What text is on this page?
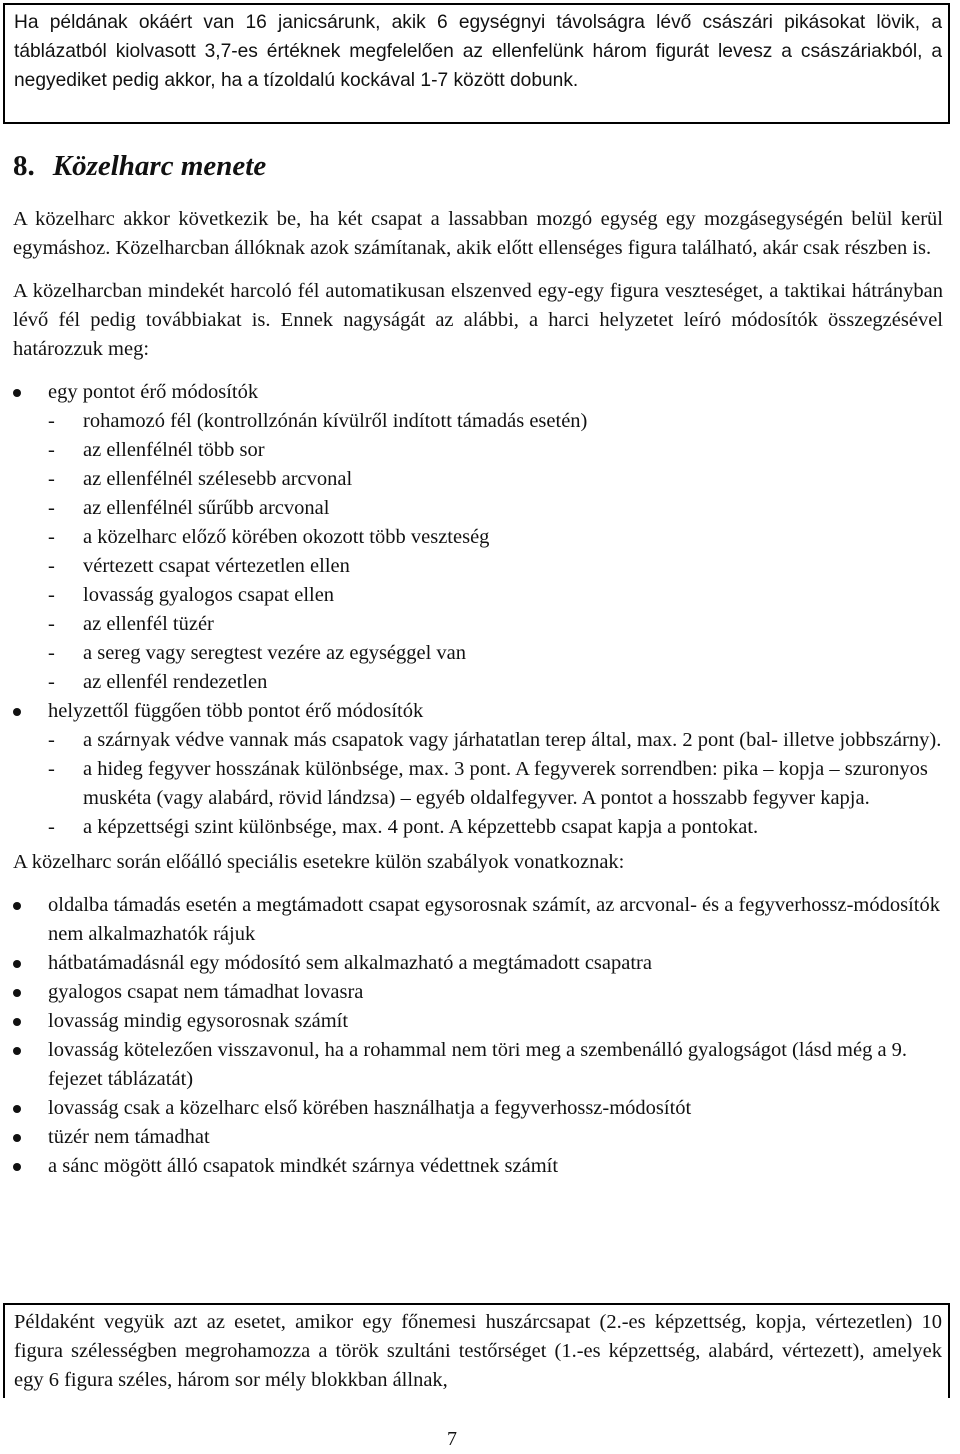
Ha példának okáért van 16 janicsárunk, akik 6 egységnyi távolságra lévő császári pikásokat lövik, a táblázatból kiolvasott 3,7-es értéknek megfelelően az ellenfelünk három figurát levesz a császáriakból, a negyediket pedig akkor, ha a tízoldalú kockával 1-7 között dobunk.

8. Közelharc menete

A közelharc akkor következik be, ha két csapat a lassabban mozgó egység egy mozgásegységén belül kerül egymáshoz. Közelharcban állóknak azok számítanak, akik előtt ellenséges figura található, akár csak részben is.

A közelharcban mindekét harcoló fél automatikusan elszenved egy-egy figura veszteséget, a taktikai hátrányban lévő fél pedig továbbiakat is. Ennek nagyságát az alábbi, a harci helyzetet leíró módosítók összegzésével határozzuk meg:

egy pontot érő módosítók
- rohamozó fél (kontrollzónán kívülről indított támadás esetén)
- az ellenfélnél több sor
- az ellenfélnél szélesebb arcvonal
- az ellenfélnél sűrűbb arcvonal
- a közelharc előző körében okozott több veszteség
- vértezett csapat vértezetlen ellen
- lovasság gyalogos csapat ellen
- az ellenfél tüzér
- a sereg vagy seregtest vezére az egységgel van
- az ellenfél rendezetlen
helyzettől függően több pontot érő módosítók
- a szárnyak védve vannak más csapatok vagy járhatatlan terep által, max. 2 pont (bal- illetve jobbszárny).
- a hideg fegyver hosszának különbsége, max. 3 pont. A fegyverek sorrendben: pika – kopja – szuronyos muskéta (vagy alabárd, rövid lándzsa) – egyéb oldalfegyver. A pontot a hosszabb fegyver kapja.
- a képzettségi szint különbsége, max. 4 pont. A képzettebb csapat kapja a pontokat.

A közelharc során előálló speciális esetekre külön szabályok vonatkoznak:

oldalba támadás esetén a megtámadott csapat egysorosnak számít, az arcvonal- és a fegyverhossz-módosítók nem alkalmazhatók rájuk
hátbatámadásnál egy módosító sem alkalmazható a megtámadott csapatra
gyalogos csapat nem támadhat lovasra
lovasság mindig egysorosnak számít
lovasság kötelezően visszavonul, ha a rohammal nem töri meg a szembenálló gyalogságot (lásd még a 9. fejezet táblázatát)
lovasság csak a közelharc első körében használhatja a fegyverhossz-módosítót
tüzér nem támadhat
a sánc mögött álló csapatok mindkét szárnya védettnek számít

Példaként vegyük azt az esetet, amikor egy főnemesi huszárcsapat (2.-es képzettség, kopja, vértezetlen) 10 figura szélességben megrohamozza a török szultáni testőrséget (1.-es képzettség, alabárd, vértezett), amelyek egy 6 figura széles, három sor mély blokkban állnak,

7
